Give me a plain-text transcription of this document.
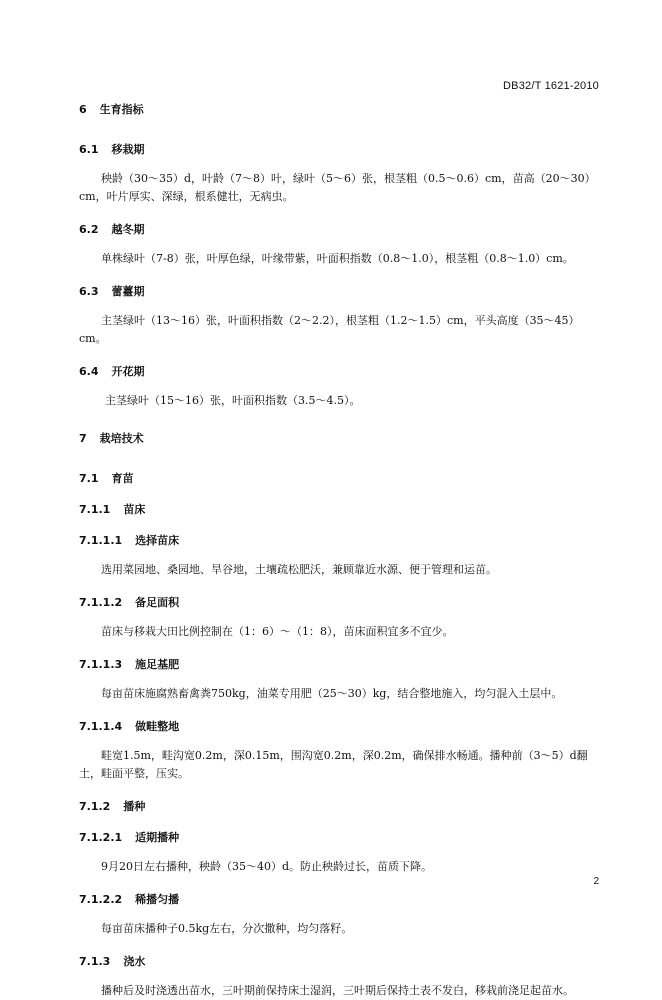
DB32/T 1621-2010
6 生育指标
6.1 移栽期
秧龄（30～35）d，叶龄（7～8）叶，绿叶（5～6）张，根茎粗（0.5～0.6）cm，苗高（20～30）cm，叶片厚实、深绿，根系健壮，无病虫。
6.2 越冬期
单株绿叶（7-8）张，叶厚色绿，叶缘带紫，叶面积指数（0.8～1.0），根茎粗（0.8～1.0）cm。
6.3 蕾薹期
主茎绿叶（13～16）张，叶面积指数（2～2.2），根茎粗（1.2～1.5）cm，平头高度（35～45）cm。
6.4 开花期
主茎绿叶（15～16）张，叶面积指数（3.5～4.5）。
7 栽培技术
7.1 育苗
7.1.1 苗床
7.1.1.1 选择苗床
选用菜园地、桑园地、旱谷地，土壤疏松肥沃，兼顾靠近水源、便于管理和运苗。
7.1.1.2 备足面积
苗床与移栽大田比例控制在（1：6）～（1：8），苗床面积宜多不宜少。
7.1.1.3 施足基肥
每亩苗床施腐熟畜禽粪750kg，油菜专用肥（25～30）kg，结合整地施入，均匀混入土层中。
7.1.1.4 做畦整地
畦宽1.5m，畦沟宽0.2m，深0.15m，围沟宽0.2m，深0.2m，确保排水畅通。播种前（3～5）d翻土，畦面平整，压实。
7.1.2 播种
7.1.2.1 适期播种
9月20日左右播种，秧龄（35～40）d。防止秧龄过长，苗质下降。
7.1.2.2 稀播匀播
每亩苗床播种子0.5kg左右，分次撒种，均匀落籽。
7.1.3 浇水
播种后及时浇透出苗水，三叶期前保持床土湿润，三叶期后保持土表不发白，移栽前浇足起苗水。
2
